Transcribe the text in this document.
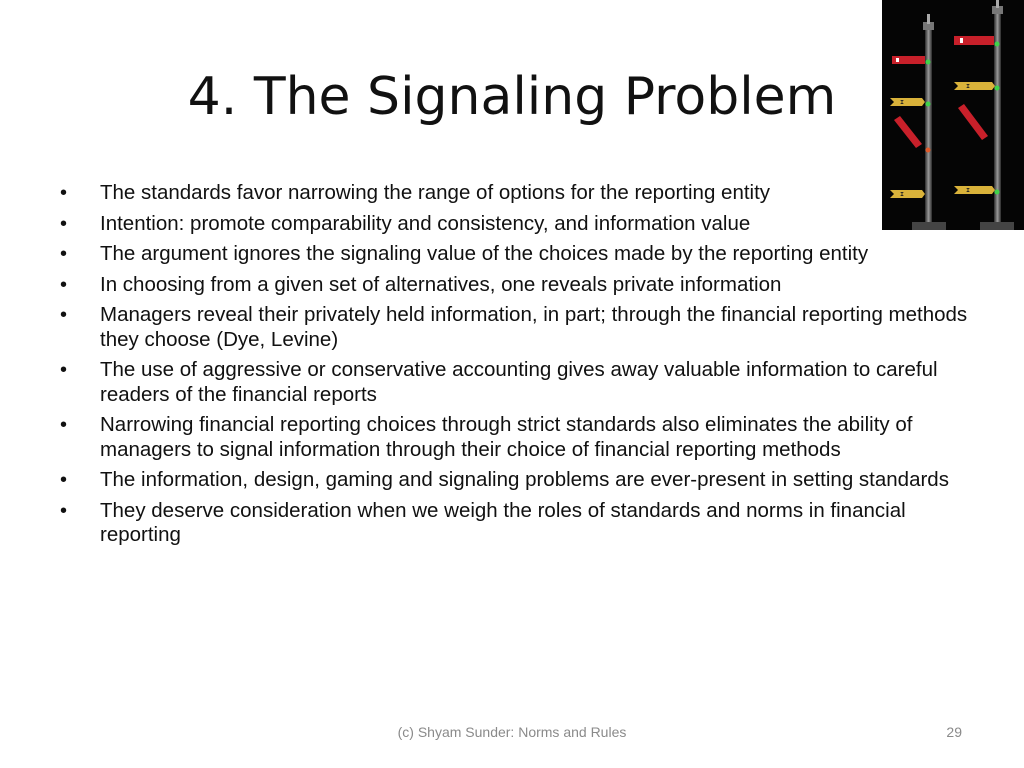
4. The Signaling Problem
• The standards favor narrowing the range of options for the reporting entity
• Intention: promote comparability and consistency, and information value
• The argument ignores the signaling value of the choices made by the reporting entity
• In choosing from a given set of alternatives, one reveals private information
• Managers reveal their privately held information, in part; through the financial reporting methods they choose (Dye, Levine)
• The use of aggressive or conservative accounting gives away valuable information to careful readers of the financial reports
• Narrowing financial reporting choices through strict standards also eliminates the ability of managers to signal information through their choice of financial reporting methods
• The information, design, gaming and signaling problems are ever-present in setting standards
• They deserve consideration when we weigh the roles of standards and norms in financial reporting
(c) Shyam Sunder: Norms and Rules	29
